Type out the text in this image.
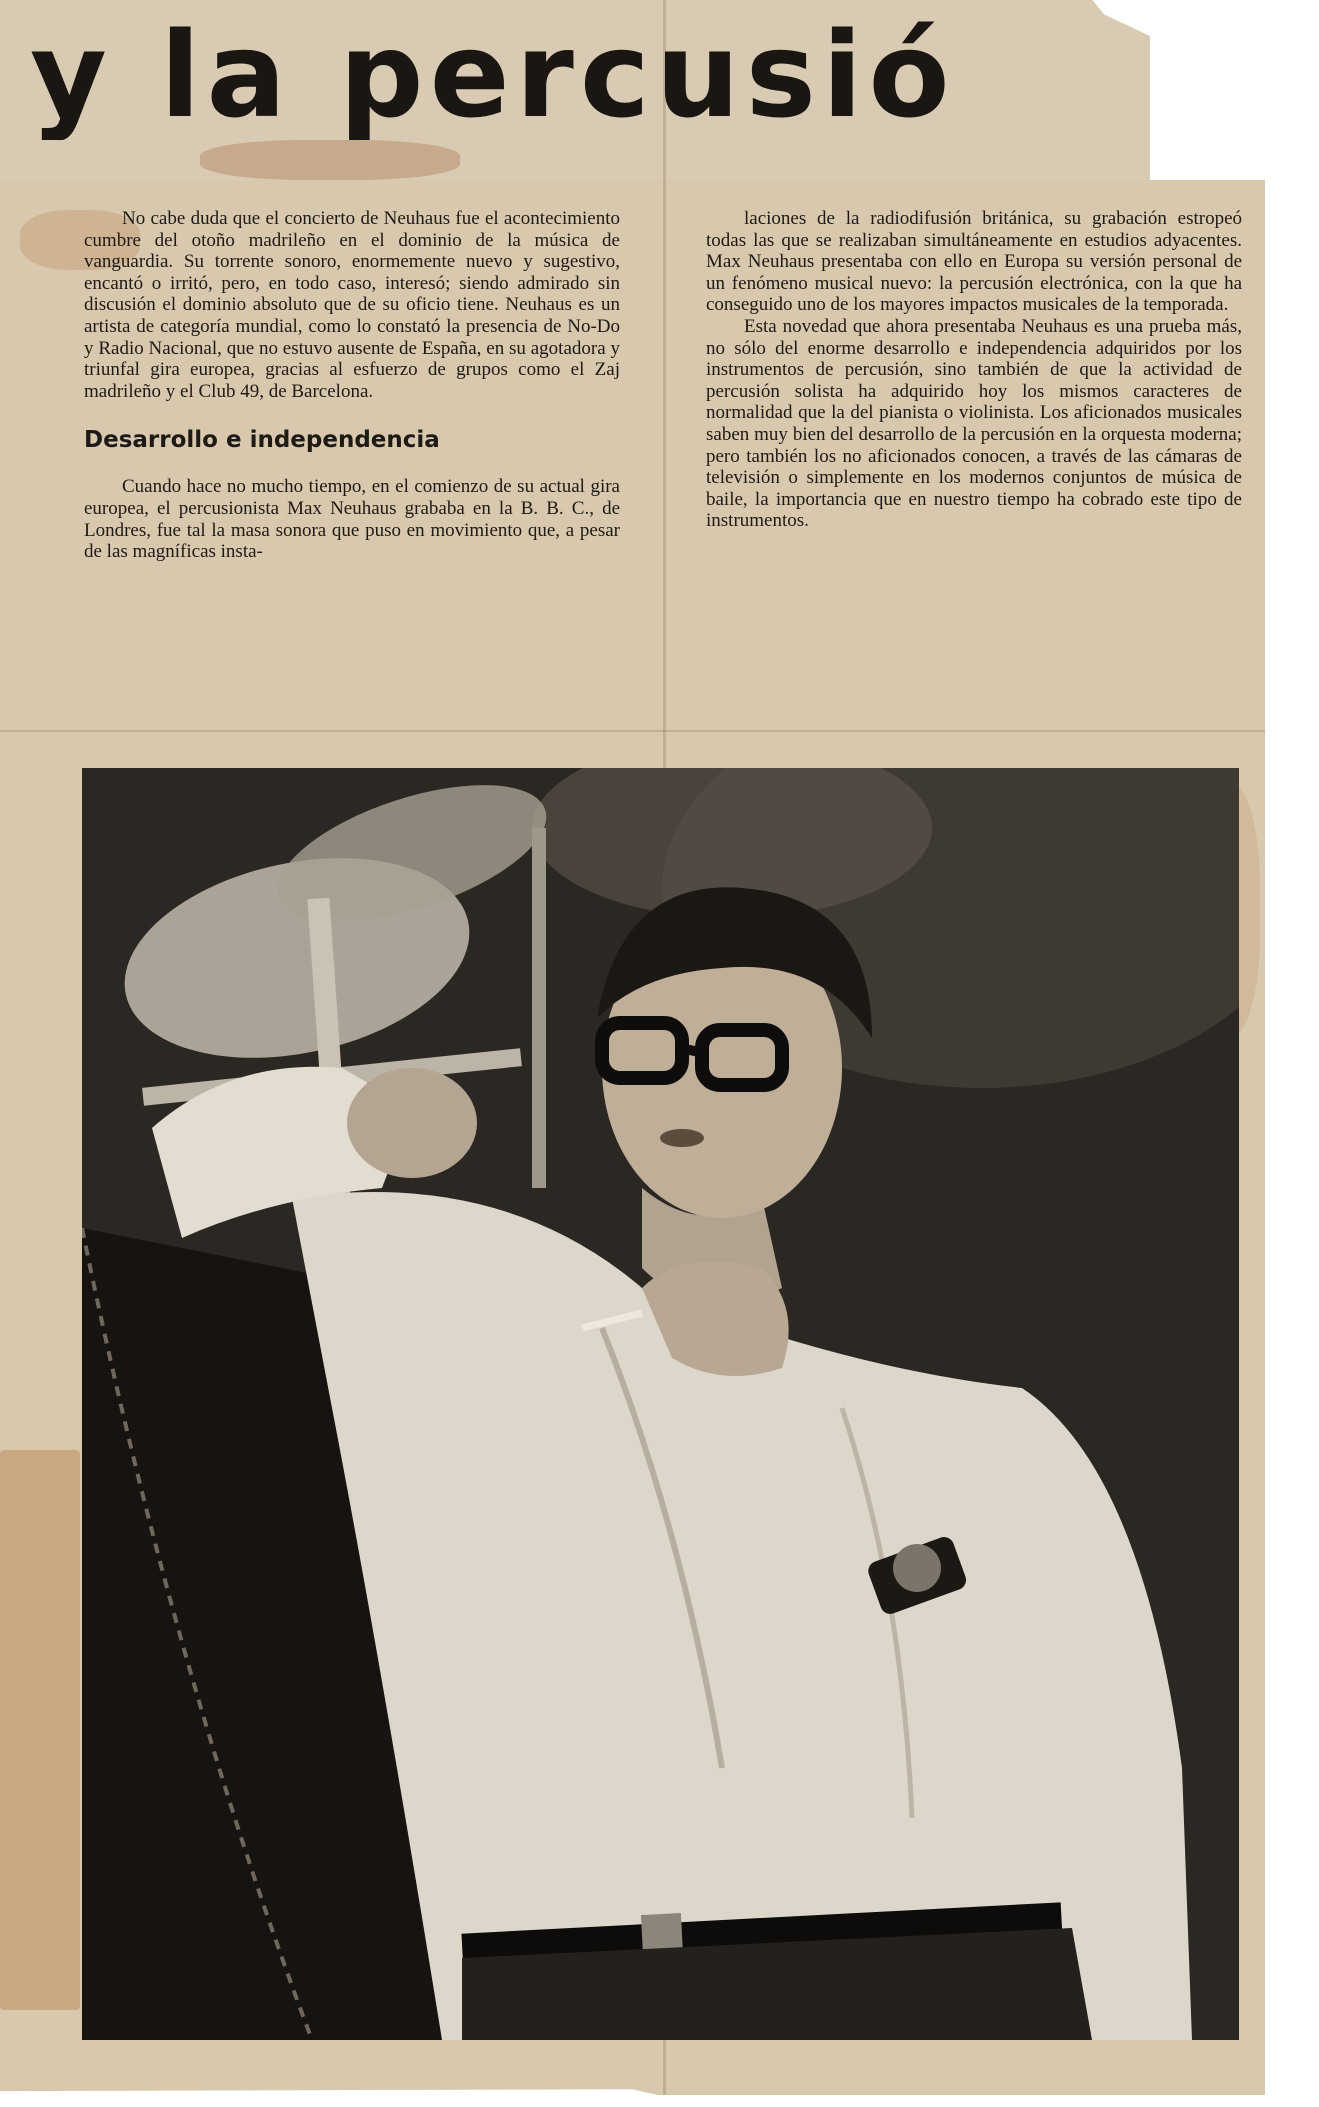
y la percusió

No cabe duda que el concierto de Neuhaus fue el acontecimiento cumbre del otoño madrileño en el dominio de la música de vanguardia. Su torrente sonoro, enormemente nuevo y sugestivo, encantó o irritó, pero, en todo caso, interesó; siendo admirado sin discusión el dominio absoluto que de su oficio tiene. Neuhaus es un artista de categoría mundial, como lo constató la presencia de No-Do y Radio Nacional, que no estuvo ausente de España, en su agotadora y triunfal gira europea, gracias al esfuerzo de grupos como el Zaj madrileño y el Club 49, de Barcelona.

Desarrollo e independencia

Cuando hace no mucho tiempo, en el comienzo de su actual gira europea, el percusionista Max Neuhaus grababa en la B. B. C., de Londres, fue tal la masa sonora que puso en movimiento que, a pesar de las magníficas insta-

laciones de la radiodifusión británica, su grabación estropeó todas las que se realizaban simultáneamente en estudios adyacentes. Max Neuhaus presentaba con ello en Europa su versión personal de un fenómeno musical nuevo: la percusión electrónica, con la que ha conseguido uno de los mayores impactos musicales de la temporada.

Esta novedad que ahora presentaba Neuhaus es una prueba más, no sólo del enorme desarrollo e independencia adquiridos por los instrumentos de percusión, sino también de que la actividad de percusión solista ha adquirido hoy los mismos caracteres de normalidad que la del pianista o violinista. Los aficionados musicales saben muy bien del desarrollo de la percusión en la orquesta moderna; pero también los no aficionados conocen, a través de las cámaras de televisión o simplemente en los modernos conjuntos de música de baile, la importancia que en nuestro tiempo ha cobrado este tipo de instrumentos.
